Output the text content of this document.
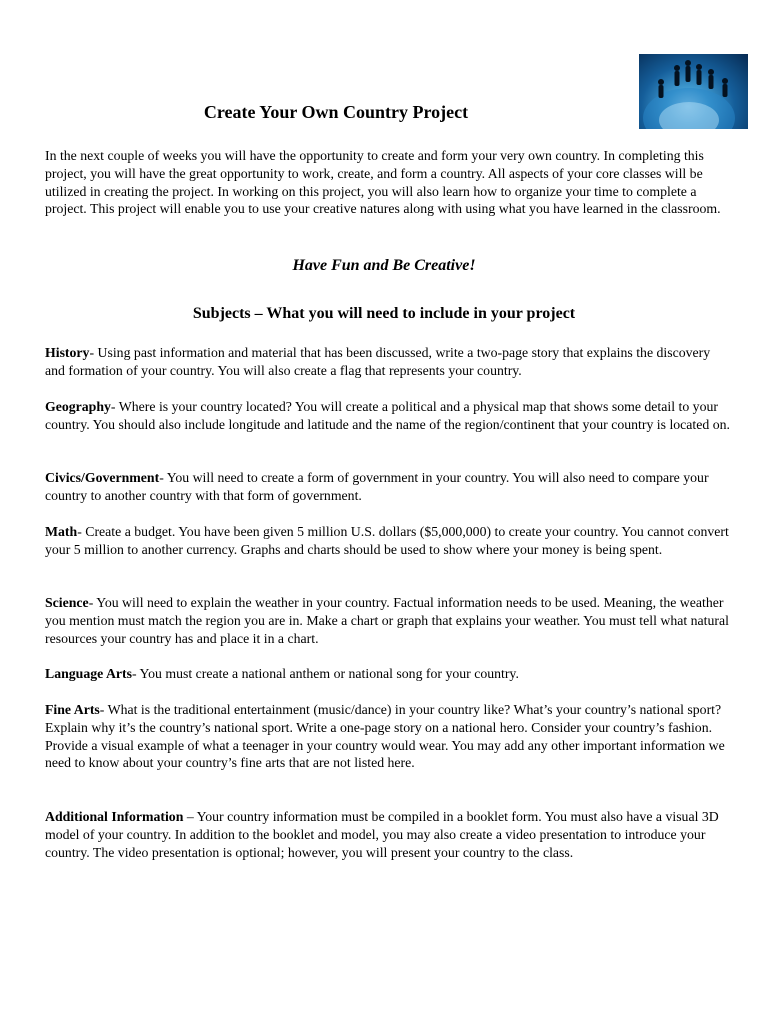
Create Your Own Country Project

In the next couple of weeks you will have the opportunity to create and form your very own country. In completing this project, you will have the great opportunity to work, create, and form a country. All aspects of your core classes will be utilized in creating the project. In working on this project, you will also learn how to organize your time to complete a project. This project will enable you to use your creative natures along with using what you have learned in the classroom.

Have Fun and Be Creative!

Subjects – What you will need to include in your project

History- Using past information and material that has been discussed, write a two-page story that explains the discovery and formation of your country. You will also create a flag that represents your country.

Geography- Where is your country located? You will create a political and a physical map that shows some detail to your country. You should also include longitude and latitude and the name of the region/continent that your country is located on.

Civics/Government- You will need to create a form of government in your country. You will also need to compare your country to another country with that form of government.

Math- Create a budget. You have been given 5 million U.S. dollars ($5,000,000) to create your country. You cannot convert your 5 million to another currency. Graphs and charts should be used to show where your money is being spent.

Science- You will need to explain the weather in your country. Factual information needs to be used. Meaning, the weather you mention must match the region you are in. Make a chart or graph that explains your weather. You must tell what natural resources your country has and place it in a chart.

Language Arts- You must create a national anthem or national song for your country.

Fine Arts- What is the traditional entertainment (music/dance) in your country like? What’s your country’s national sport? Explain why it’s the country’s national sport. Write a one-page story on a national hero. Consider your country’s fashion. Provide a visual example of what a teenager in your country would wear. You may add any other important information we need to know about your country’s fine arts that are not listed here.

Additional Information – Your country information must be compiled in a booklet form. You must also have a visual 3D model of your country. In addition to the booklet and model, you may also create a video presentation to introduce your country. The video presentation is optional; however, you will present your country to the class.
